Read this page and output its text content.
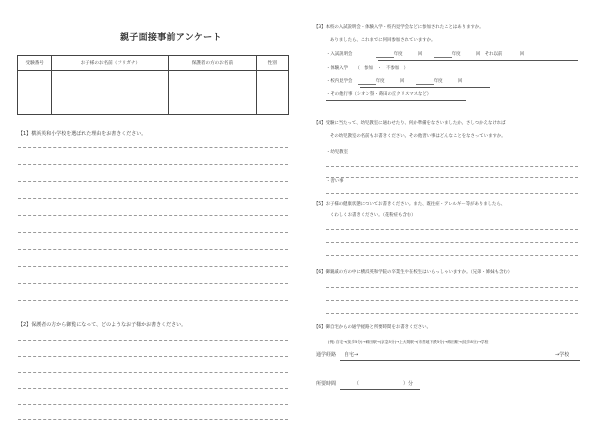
親子面接事前アンケート
受験番号	お子様のお名前（フリガナ）	保護者の方のお名前	性別

【1】横浜英和小学校を選ばれた理由をお書きください。
【2】保護者の方から御覧になって、どのようなお子様かお書きください。
【3】本校の入試説明会・体験入学・校内見学会などに参加されたことはありますか。
ありましたら、これまでに何回参加されていますか。
・入試説明会	年度	回	年度	回 それ以前	回
・体験入学 （　参加　・　不参加　）
・校内見学会	年度	回	年度	回
・その他行事（シオン祭・蒔田の丘クリスマスなど）
【4】受験に当たって、幼児教室に通わせたり、何か準備をなさいましたか。さしつかえなければ
その幼児教室の名前もお書きください。その他習い事はどんなことをなさっていますか。
・幼児教室
・習い事
【5】お子様の健康状態についてお書きください。また、既往症・アレルギー等がありましたら、
くわしくお書きください。（花粉症も含む）
【6】御親戚の方の中に横浜英和学院の卒業生や在校生はいらっしゃいますか。（兄弟・姉妹も含む）
【6】御自宅からの通学経路と所要時間をお書きください。
(例) 自宅→(徒歩5分)→蒔田駅→(京急5分)→上大岡駅→(市営地下鉄5分)→蒔田駅→(徒歩8分)→学校
通学経路 自宅→	→学校
所要時間	（	）分
